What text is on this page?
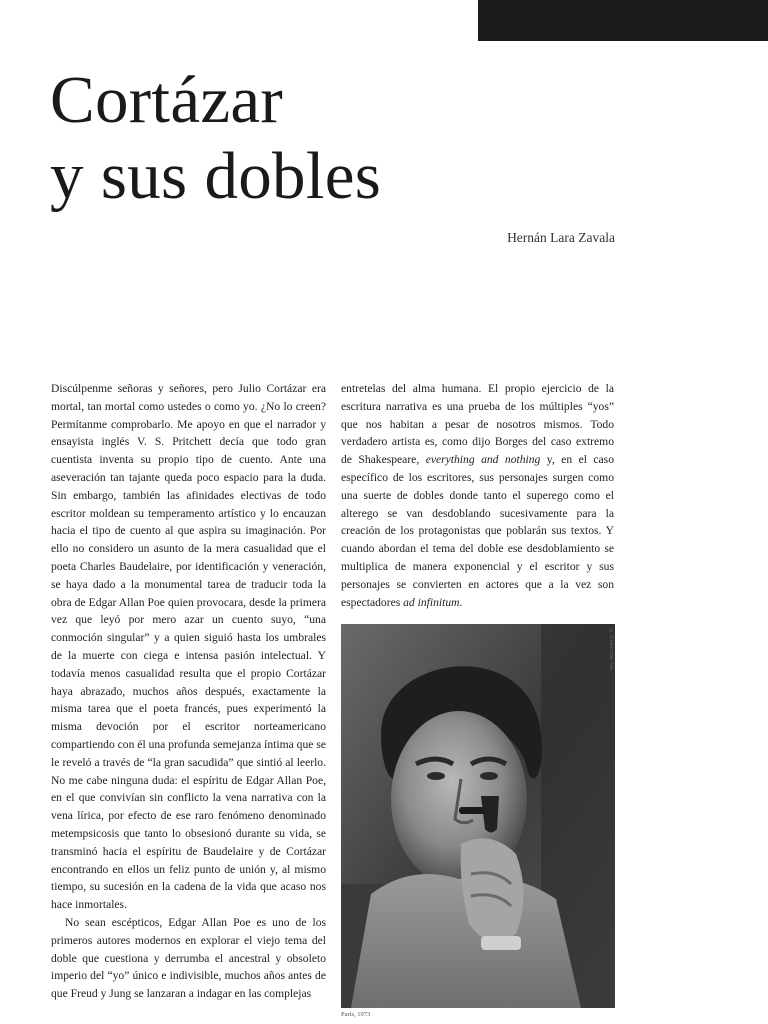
Cortázar
y sus dobles
Hernán Lara Zavala

Discúlpenme señoras y señores, pero Julio Cortázar era mortal, tan mortal como ustedes o como yo. ¿No lo creen? Permítanme comprobarlo. Me apoyo en que el narrador y ensayista inglés V. S. Pritchett decía que todo gran cuentista inventa su propio tipo de cuento. Ante una aseveración tan tajante queda poco espacio para la duda. Sin embargo, también las afinidades electivas de todo escritor moldean su temperamento artístico y lo encauzan hacia el tipo de cuento al que aspira su imaginación. Por ello no considero un asunto de la mera casualidad que el poeta Charles Baudelaire, por identificación y veneración, se haya dado a la monumental tarea de traducir toda la obra de Edgar Allan Poe quien provocara, desde la primera vez que leyó por mero azar un cuento suyo, “una conmoción singular” y a quien siguió hasta los umbrales de la muerte con ciega e intensa pasión intelectual. Y todavía menos casualidad resulta que el propio Cortázar haya abrazado, muchos años después, exactamente la misma tarea que el poeta francés, pues experimentó la misma devoción por el escritor norteamericano compartiendo con él una profunda semejanza íntima que se le reveló a través de “la gran sacudida” que sintió al leerlo. No me cabe ninguna duda: el espíritu de Edgar Allan Poe, en el que convivían sin conflicto la vena narrativa con la vena lírica, por efecto de ese raro fenómeno denominado metempsicosis que tanto lo obsesionó durante su vida, se transminó hacia el espíritu de Baudelaire y de Cortázar encontrando en ellos un feliz punto de unión y, al mismo tiempo, su sucesión en la cadena de la vida que acaso nos hace inmortales.

No sean escépticos, Edgar Allan Poe es uno de los primeros autores modernos en explorar el viejo tema del doble que cuestiona y derrumba el ancestral y obsoleto imperio del “yo” único e indivisible, muchos años antes de que Freud y Jung se lanzaran a indagar en las complejas

entretelas del alma humana. El propio ejercicio de la escritura narrativa es una prueba de los múltiples “yos” que nos habitan a pesar de nosotros mismos. Todo verdadero artista es, como dijo Borges del caso extremo de Shakespeare, everything and nothing y, en el caso específico de los escritores, sus personajes surgen como una suerte de dobles donde tanto el superego como el alterego se van desdoblando sucesivamente para la creación de los protagonistas que poblarán sus textos. Y cuando abordan el tema del doble ese desdoblamiento se multiplica de manera exponencial y el escritor y sus personajes se convierten en actores que a la vez son espectadores ad infinitum.

© Colección Ala
París, 1973
